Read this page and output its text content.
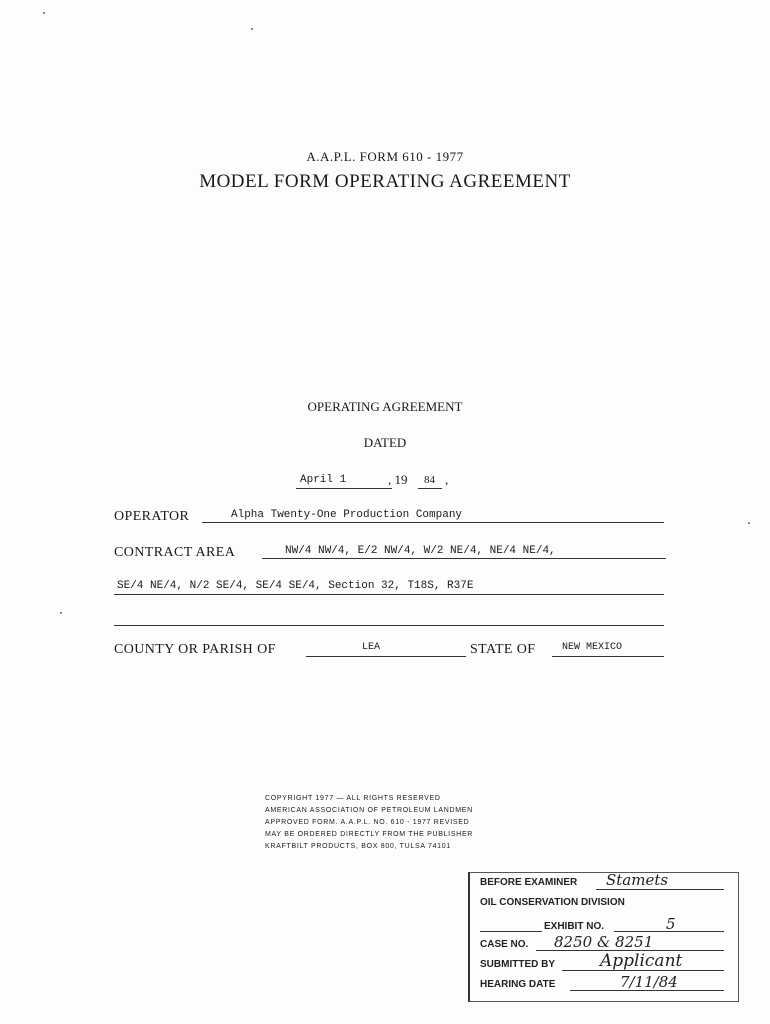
A.A.P.L. FORM 610 - 1977
MODEL FORM OPERATING AGREEMENT
OPERATING AGREEMENT
DATED
April 1	, 19 84 ,
OPERATOR	Alpha Twenty-One Production Company
CONTRACT AREA	NW/4 NW/4, E/2 NW/4, W/2 NE/4, NE/4 NE/4,
SE/4 NE/4, N/2 SE/4, SE/4 SE/4, Section 32, T18S, R37E
COUNTY OR PARISH OF	LEA	STATE OF	NEW MEXICO
COPYRIGHT 1977 — ALL RIGHTS RESERVED
AMERICAN ASSOCIATION OF PETROLEUM LANDMEN
APPROVED FORM. A.A.P.L. NO. 610 - 1977 REVISED
MAY BE ORDERED DIRECTLY FROM THE PUBLISHER
KRAFTBILT PRODUCTS, BOX 800, TULSA 74101
BEFORE EXAMINER Stamets
OIL CONSERVATION DIVISION
EXHIBIT NO.	5
CASE NO. 8250 & 8251
SUBMITTED BY	Applicant
HEARING DATE	7/11/84
